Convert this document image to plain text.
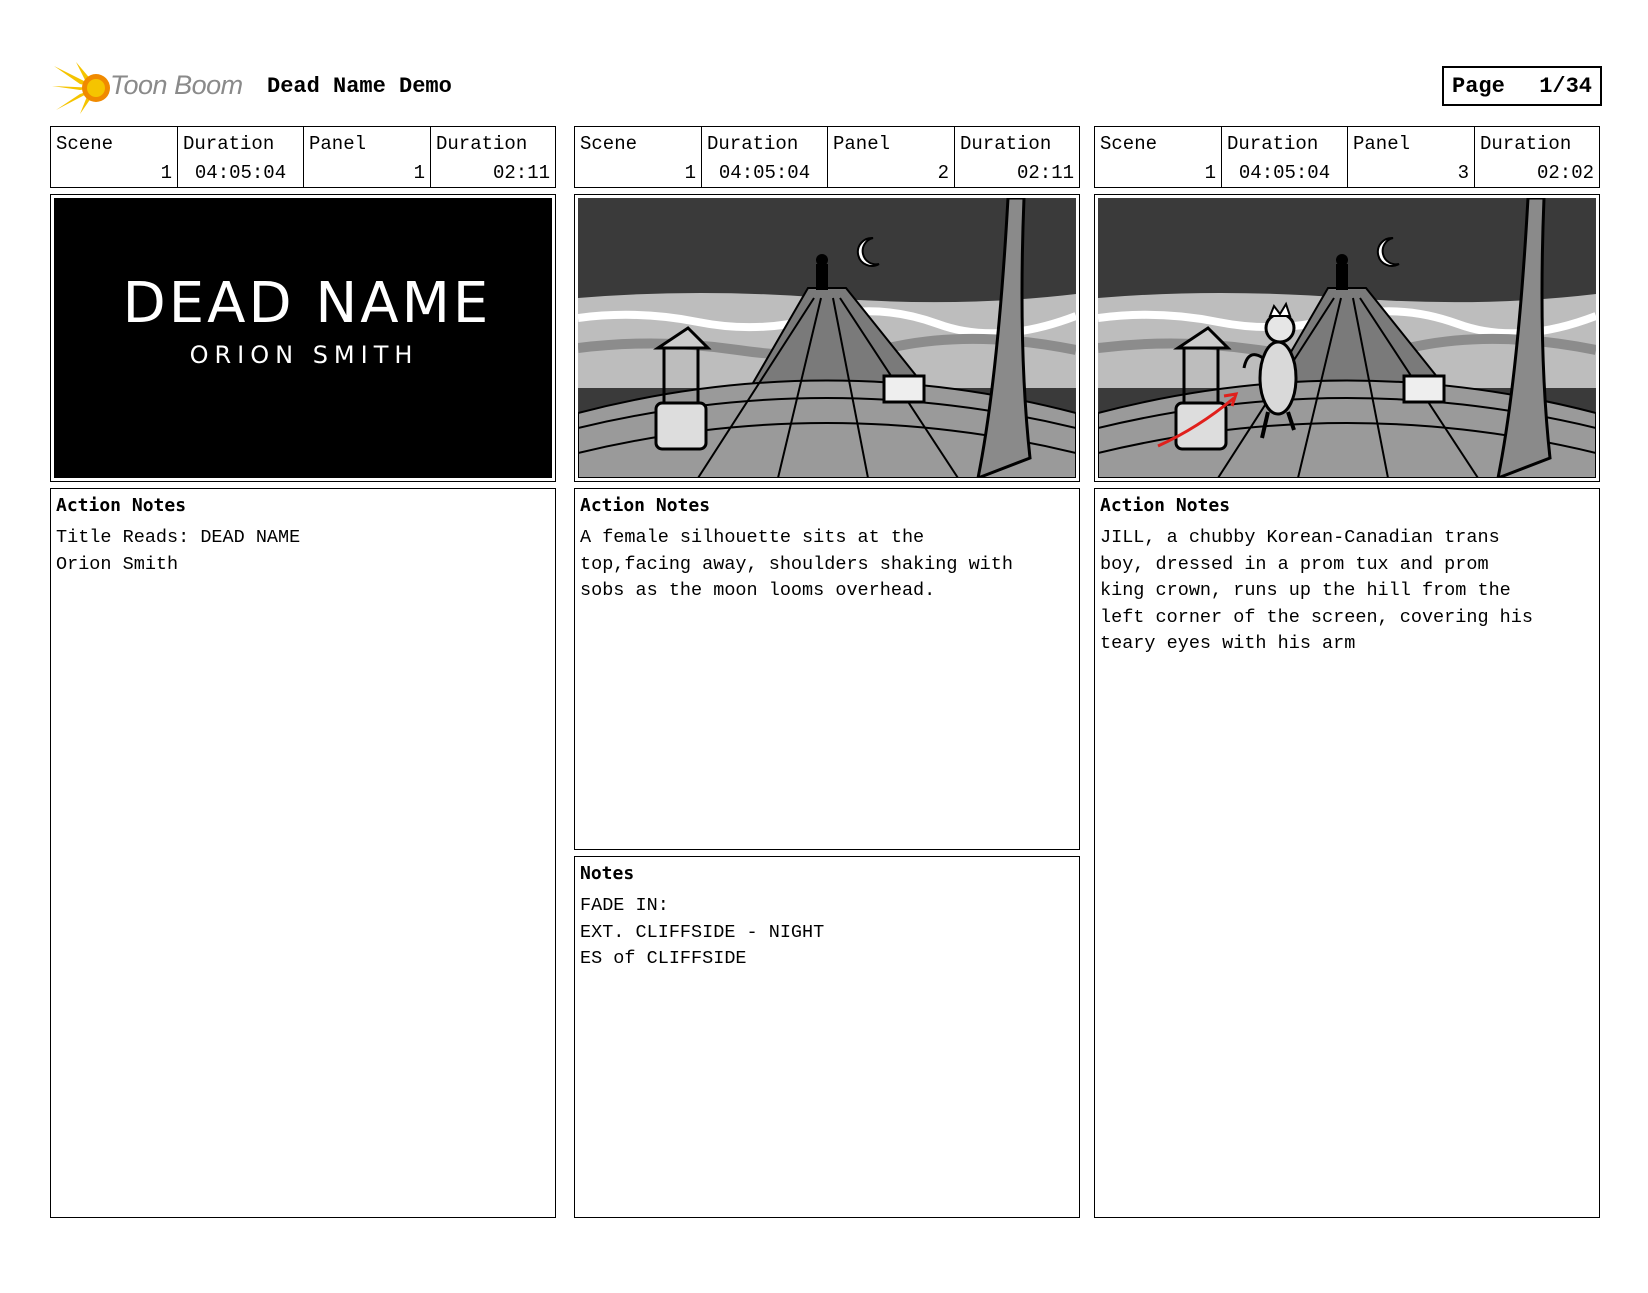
Toon Boom Dead Name Demo	Page 1/34
Scene
1
Duration
04:05:04
Panel
1
Duration
02:11
DEAD NAME
ORION SMITH
Action Notes
Title Reads: DEAD NAME
Orion Smith
Scene
1
Duration
04:05:04
Panel
2
Duration
02:11
Action Notes
A female silhouette sits at the
top,facing away, shoulders shaking with
sobs as the moon looms overhead.
Notes
FADE IN:
EXT. CLIFFSIDE - NIGHT
ES of CLIFFSIDE
Scene
1
Duration
04:05:04
Panel
3
Duration
02:02
Action Notes
JILL, a chubby Korean-Canadian trans
boy, dressed in a prom tux and prom
king crown, runs up the hill from the
left corner of the screen, covering his
teary eyes with his arm
